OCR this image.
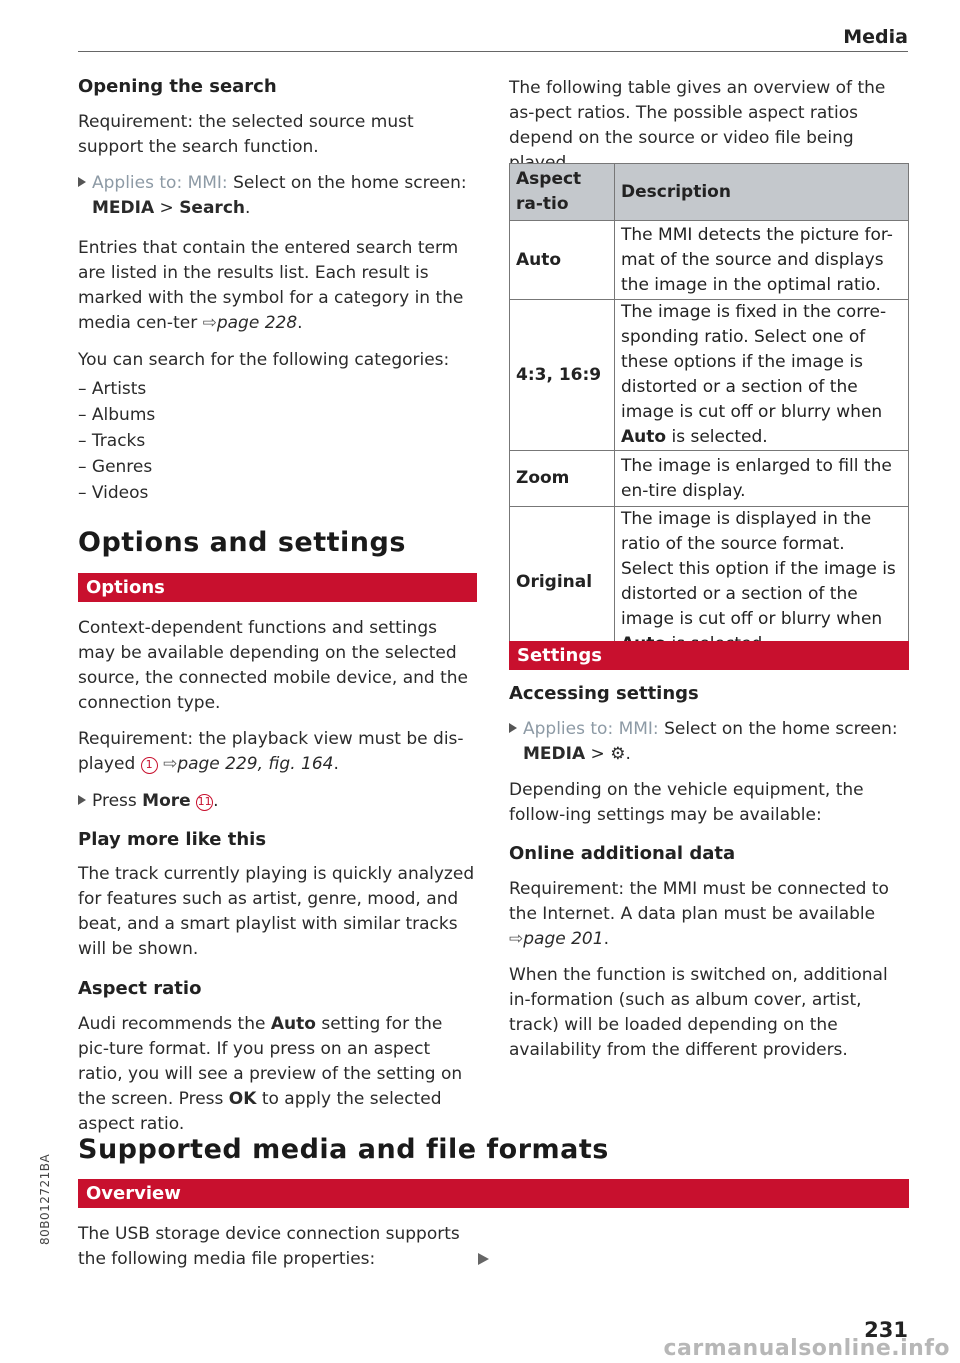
Media
Opening the search
Requirement: the selected source must support the search function.
Applies to: MMI: Select on the home screen:
MEDIA > Search.
Entries that contain the entered search term are listed in the results list. Each result is marked with the symbol for a category in the media cen-ter ⇨page 228.
You can search for the following categories:
– Artists
– Albums
– Tracks
– Genres
– Videos
Options and settings
Options
Context-dependent functions and settings may be available depending on the selected source, the connected mobile device, and the connection type.
Requirement: the playback view must be dis-played 1 ⇨page 229, fig. 164.
Press More 11.
Play more like this
The track currently playing is quickly analyzed for features such as artist, genre, mood, and beat, and a smart playlist with similar tracks will be shown.
Aspect ratio
Audi recommends the Auto setting for the pic-ture format. If you press on an aspect ratio, you will see a preview of the setting on the screen. Press OK to apply the selected aspect ratio.
The following table gives an overview of the as-pect ratios. The possible aspect ratios depend on the source or video file being
Aspect ra-tio	Description
Auto	The MMI detects the picture for-mat of the source and displays the image in the optimal ratio.
4:3, 16:9	The image is fixed in the corre-sponding ratio. Select one of these options if the image is distorted or a section of the image is cut off or blurry when Auto is selected.
Zoom	The image is enlarged to fill the en-tire display.
Original	The image is displayed in the ratio of the source format. Select this option if the image is distorted or a section of the image is cut off or blurry when
Settings
Accessing settings
Applies to: MMI: Select on the home screen:
MEDIA > ⚙.
Depending on the vehicle equipment, the follow-ing settings may be available:
Online additional data
Requirement: the MMI must be connected to the Internet. A data plan must be available
⇨page 201.
When the function is switched on, additional in-formation (such as album cover, artist, track) will be loaded depending on the availability from the different providers.
Supported media and file formats
Overview
The USB storage device connection supports the following media file properties:
80B012721BA
231
carmanualsonline.info
